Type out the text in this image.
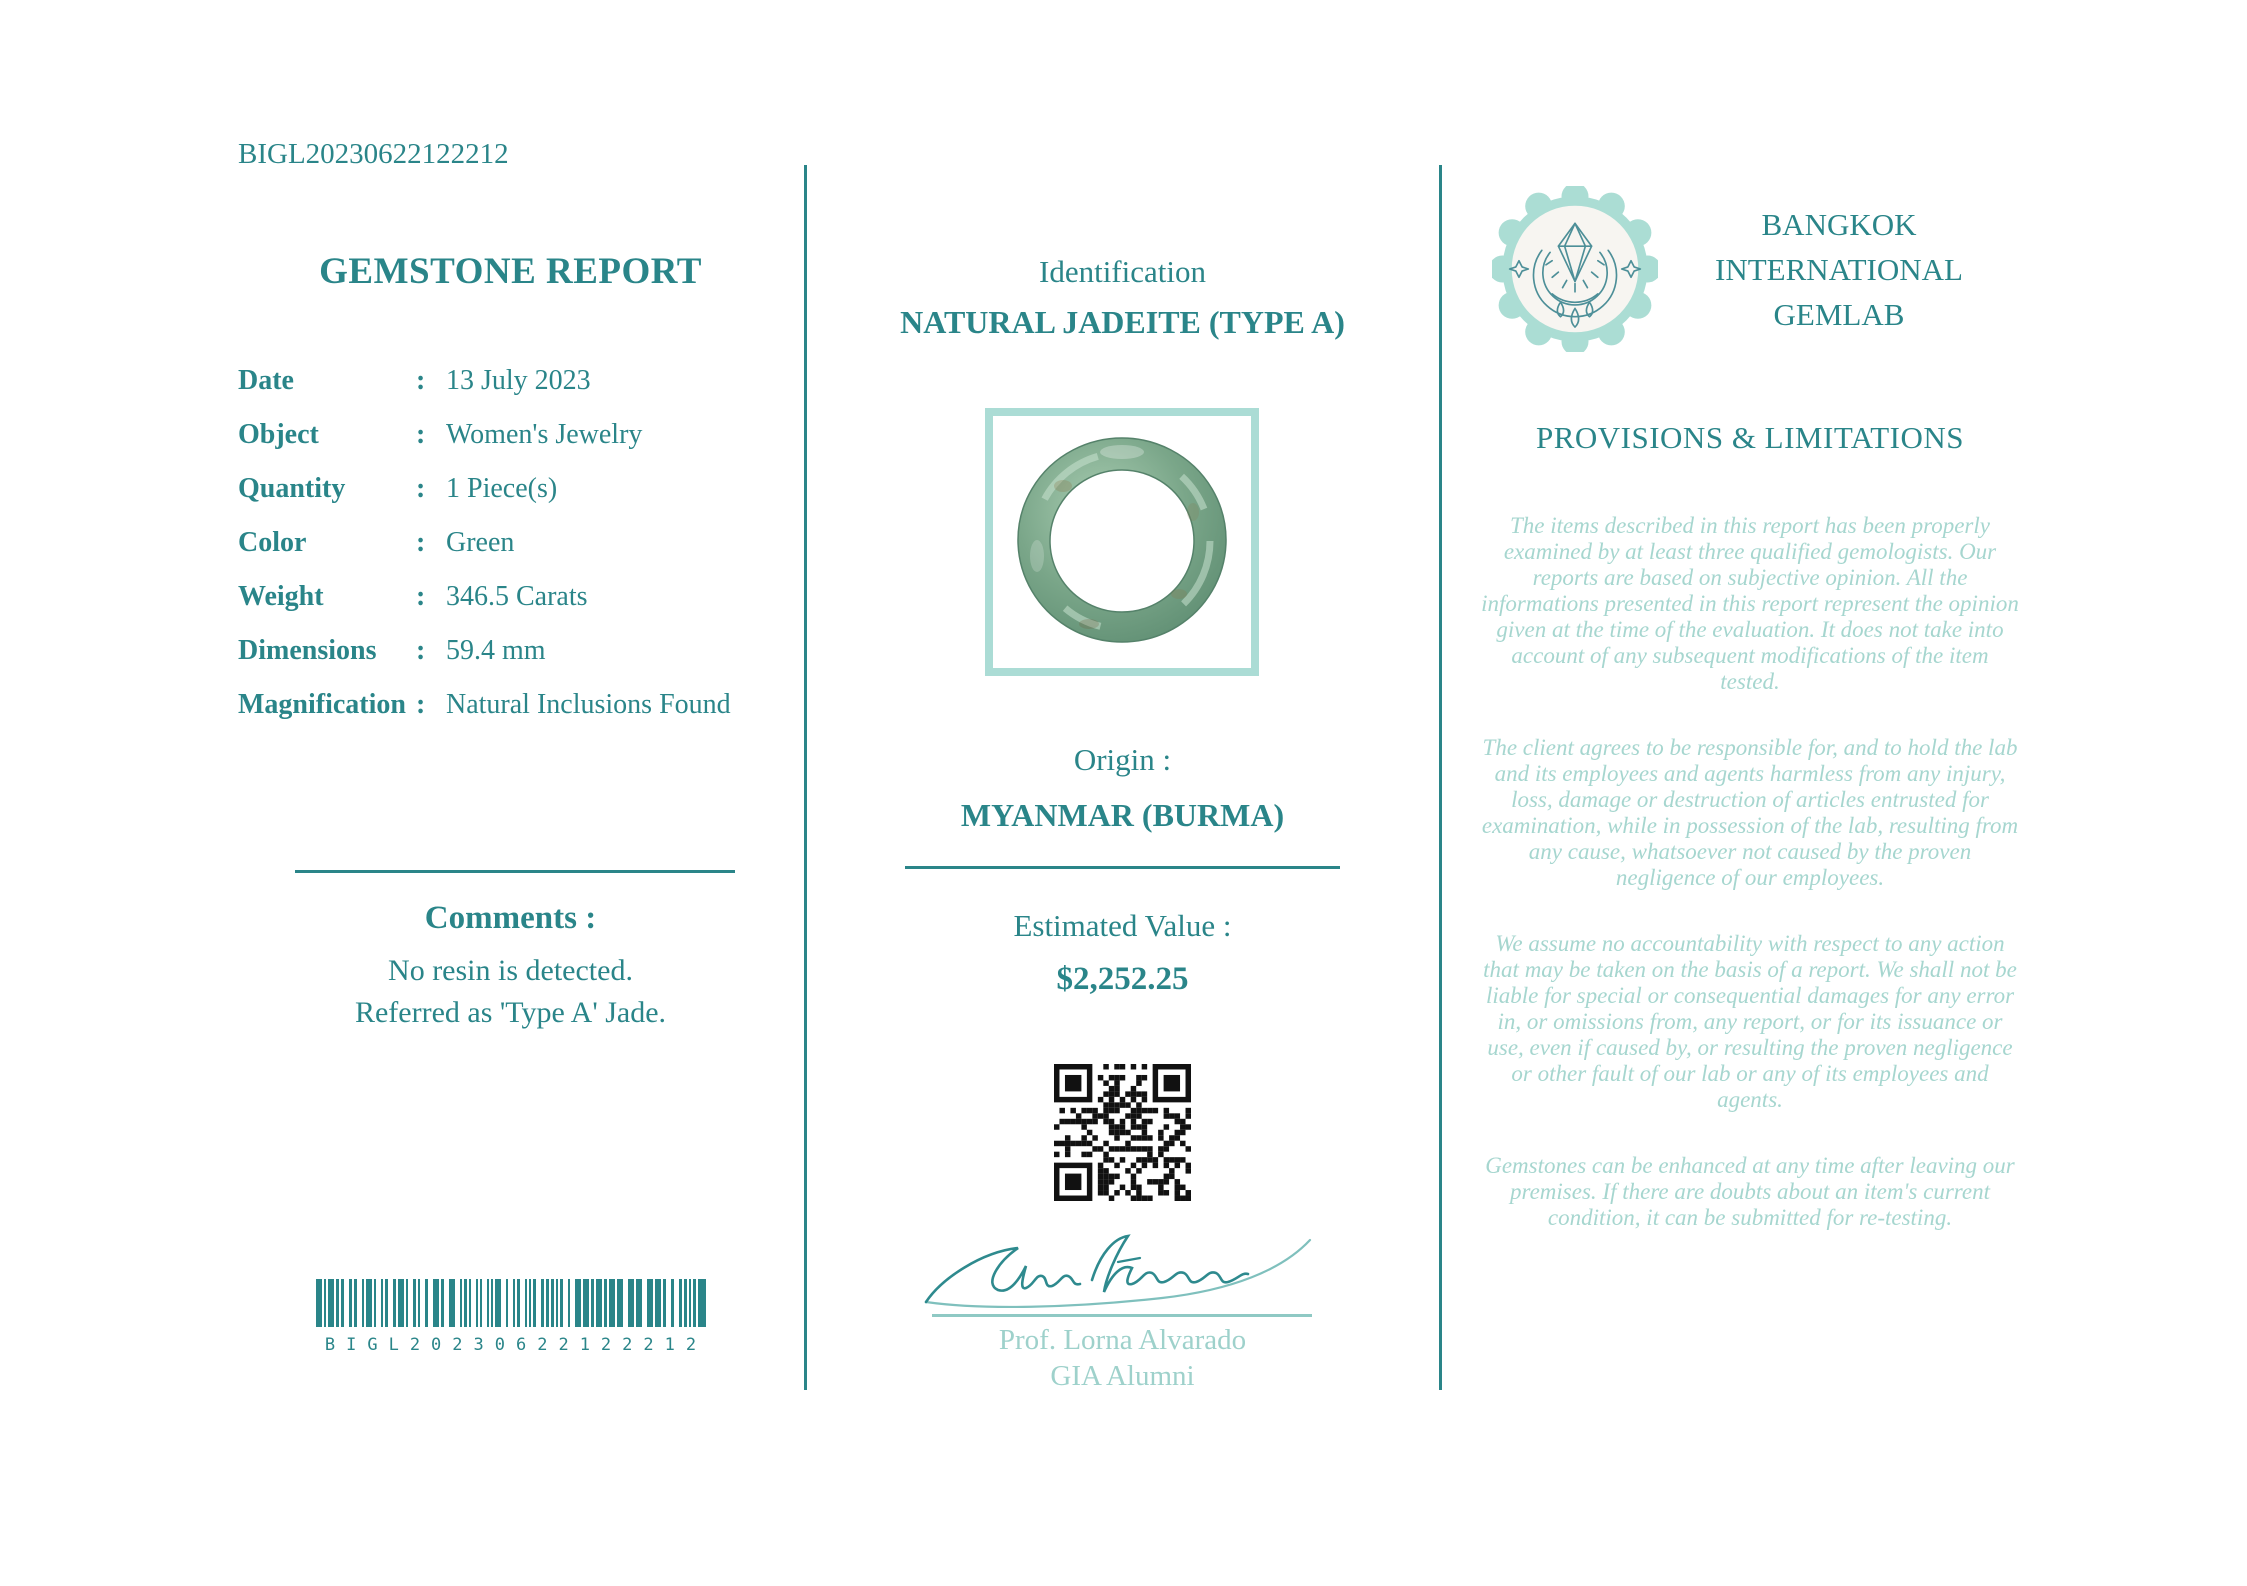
BIGL20230622122212
GEMSTONE REPORT
Date	: 13 July 2023
Object	: Women's Jewelry
Quantity	: 1 Piece(s)
Color	: Green
Weight	: 346.5 Carats
Dimensions	: 59.4 mm
Magnification : Natural Inclusions Found
Comments :
No resin is detected.
Referred as 'Type A' Jade.
BIGL20230622122212
Identification
NATURAL JADEITE (TYPE A)
Origin :
MYANMAR (BURMA)
Estimated Value :
$2,252.25
Prof. Lorna Alvarado
GIA Alumni
BANGKOK
INTERNATIONAL
GEMLAB
PROVISIONS & LIMITATIONS

The items described in this report has been properly examined by at least three qualified gemologists. Our reports are based on subjective opinion. All the informations presented in this report represent the opinion given at the time of the evaluation. It does not take into account of any subsequent modifications of the item tested.

The client agrees to be responsible for, and to hold the lab and its employees and agents harmless from any injury, loss, damage or destruction of articles entrusted for examination, while in possession of the lab, resulting from any cause, whatsoever not caused by the proven negligence of our employees.

We assume no accountability with respect to any action that may be taken on the basis of a report. We shall not be liable for special or consequential damages for any error in, or omissions from, any report, or for its issuance or use, even if caused by, or resulting the proven negligence or other fault of our lab or any of its employees and agents.

Gemstones can be enhanced at any time after leaving our premises. If there are doubts about an item's current condition, it can be submitted for re-testing.
